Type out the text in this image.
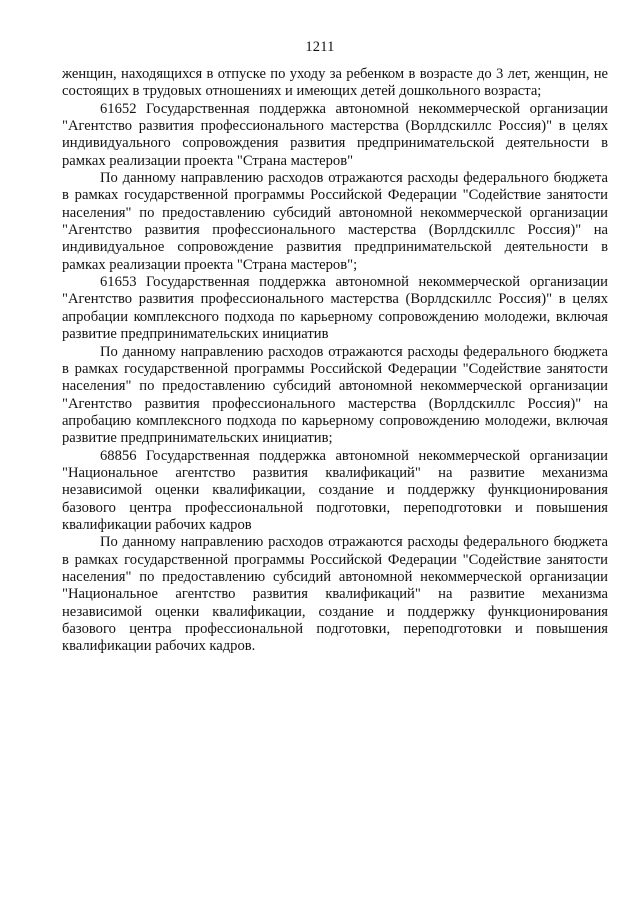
1211

женщин, находящихся в отпуске по уходу за ребенком в возрасте до 3 лет, женщин, не состоящих в трудовых отношениях и имеющих детей дошкольного возраста;

61652 Государственная поддержка автономной некоммерческой организации "Агентство развития профессионального мастерства (Ворлдскиллс Россия)" в целях индивидуального сопровождения развития предпринимательской деятельности в рамках реализации проекта "Страна мастеров"

По данному направлению расходов отражаются расходы федерального бюджета в рамках государственной программы Российской Федерации "Содействие занятости населения" по предоставлению субсидий автономной некоммерческой организации "Агентство развития профессионального мастерства (Ворлдскиллс Россия)" на индивидуальное сопровождение развития предпринимательской деятельности в рамках реализации проекта "Страна мастеров";

61653 Государственная поддержка автономной некоммерческой организации "Агентство развития профессионального мастерства (Ворлдскиллс Россия)" в целях апробации комплексного подхода по карьерному сопровождению молодежи, включая развитие предпринимательских инициатив

По данному направлению расходов отражаются расходы федерального бюджета в рамках государственной программы Российской Федерации "Содействие занятости населения" по предоставлению субсидий автономной некоммерческой организации "Агентство развития профессионального мастерства (Ворлдскиллс Россия)" на апробацию комплексного подхода по карьерному сопровождению молодежи, включая развитие предпринимательских инициатив;

68856 Государственная поддержка автономной некоммерческой организации "Национальное агентство развития квалификаций" на развитие механизма независимой оценки квалификации, создание и поддержку функционирования базового центра профессиональной подготовки, переподготовки и повышения квалификации рабочих кадров

По данному направлению расходов отражаются расходы федерального бюджета в рамках государственной программы Российской Федерации "Содействие занятости населения" по предоставлению субсидий автономной некоммерческой организации "Национальное агентство развития квалификаций" на развитие механизма независимой оценки квалификации, создание и поддержку функционирования базового центра профессиональной подготовки, переподготовки и повышения квалификации рабочих кадров.
